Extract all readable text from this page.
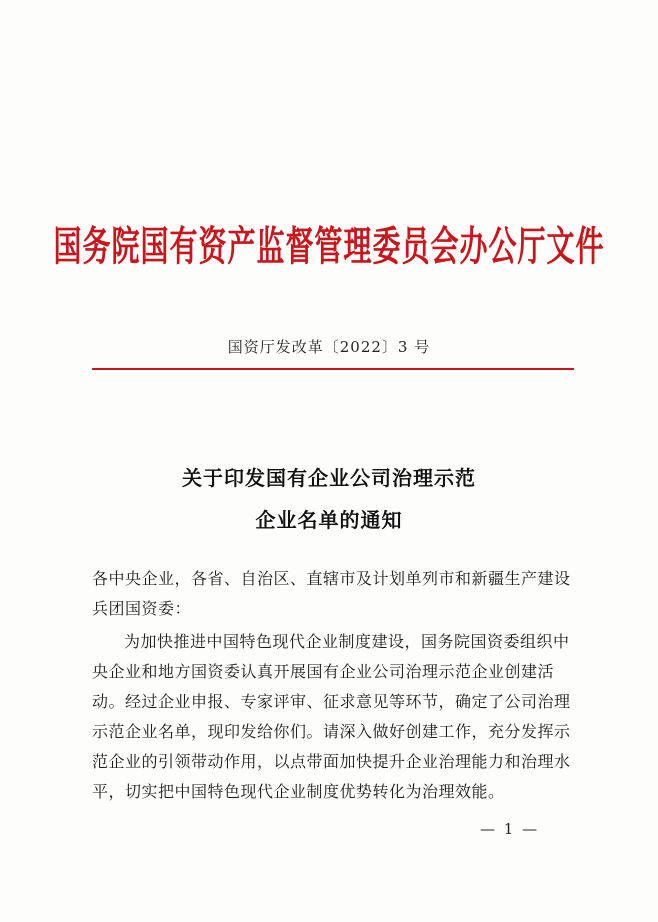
国务院国有资产监督管理委员会办公厅文件
国资厅发改革〔2022〕3 号
关于印发国有企业公司治理示范
企业名单的通知
各中央企业，各省、自治区、直辖市及计划单列市和新疆生产建设兵团国资委：
为加快推进中国特色现代企业制度建设，国务院国资委组织中央企业和地方国资委认真开展国有企业公司治理示范企业创建活动。经过企业申报、专家评审、征求意见等环节，确定了公司治理示范企业名单，现印发给你们。请深入做好创建工作，充分发挥示范企业的引领带动作用，以点带面加快提升企业治理能力和治理水平，切实把中国特色现代企业制度优势转化为治理效能。
— 1 —
